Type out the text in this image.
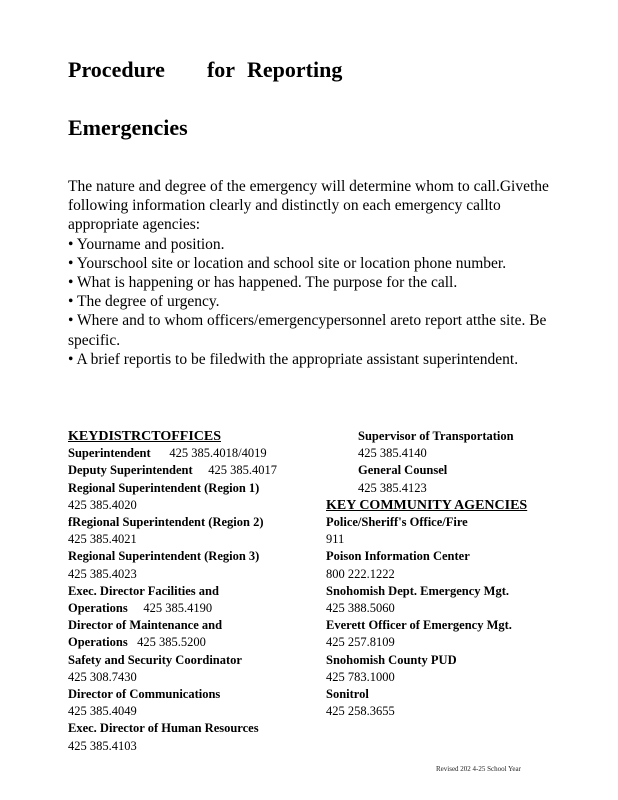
Procedure for Reporting
Emergencies

The nature and degree of the emergency will determine whom to call.Givethe following information clearly and distinctly on each emergency callto appropriate agencies:

• Yourname and position.

• Yourschool site or location and school site or location phone number.

• What is happening or has happened. The purpose for the call.

• The degree of urgency.

• Where and to whom officers/emergencypersonnel areto report atthe site. Be specific.

• A brief reportis to be filedwith the appropriate assistant superintendent.

KEYDISTRCTOFFICES

Superintendent 425 385.4018/4019

Deputy Superintendent 425 385.4017

Regional Superintendent (Region 1)

425 385.4020

fRegional Superintendent (Region 2)

425 385.4021

Regional Superintendent (Region 3)

425 385.4023

Exec. Director Facilities and

Operations 425 385.4190

Director of Maintenance and

Operations 425 385.5200

Safety and Security Coordinator

425 308.7430

Director of Communications

425 385.4049

Exec. Director of Human Resources

425 385.4103

Supervisor of Transportation

425 385.4140

General Counsel

425 385.4123

KEY COMMUNITY AGENCIES

Police/Sheriff's Office/Fire

911

Poison Information Center

800 222.1222

Snohomish Dept. Emergency Mgt.

425 388.5060

Everett Officer of Emergency Mgt.

425 257.8109

Snohomish County PUD

425 783.1000

Sonitrol

425 258.3655

Revised 202 4-25 School Year
